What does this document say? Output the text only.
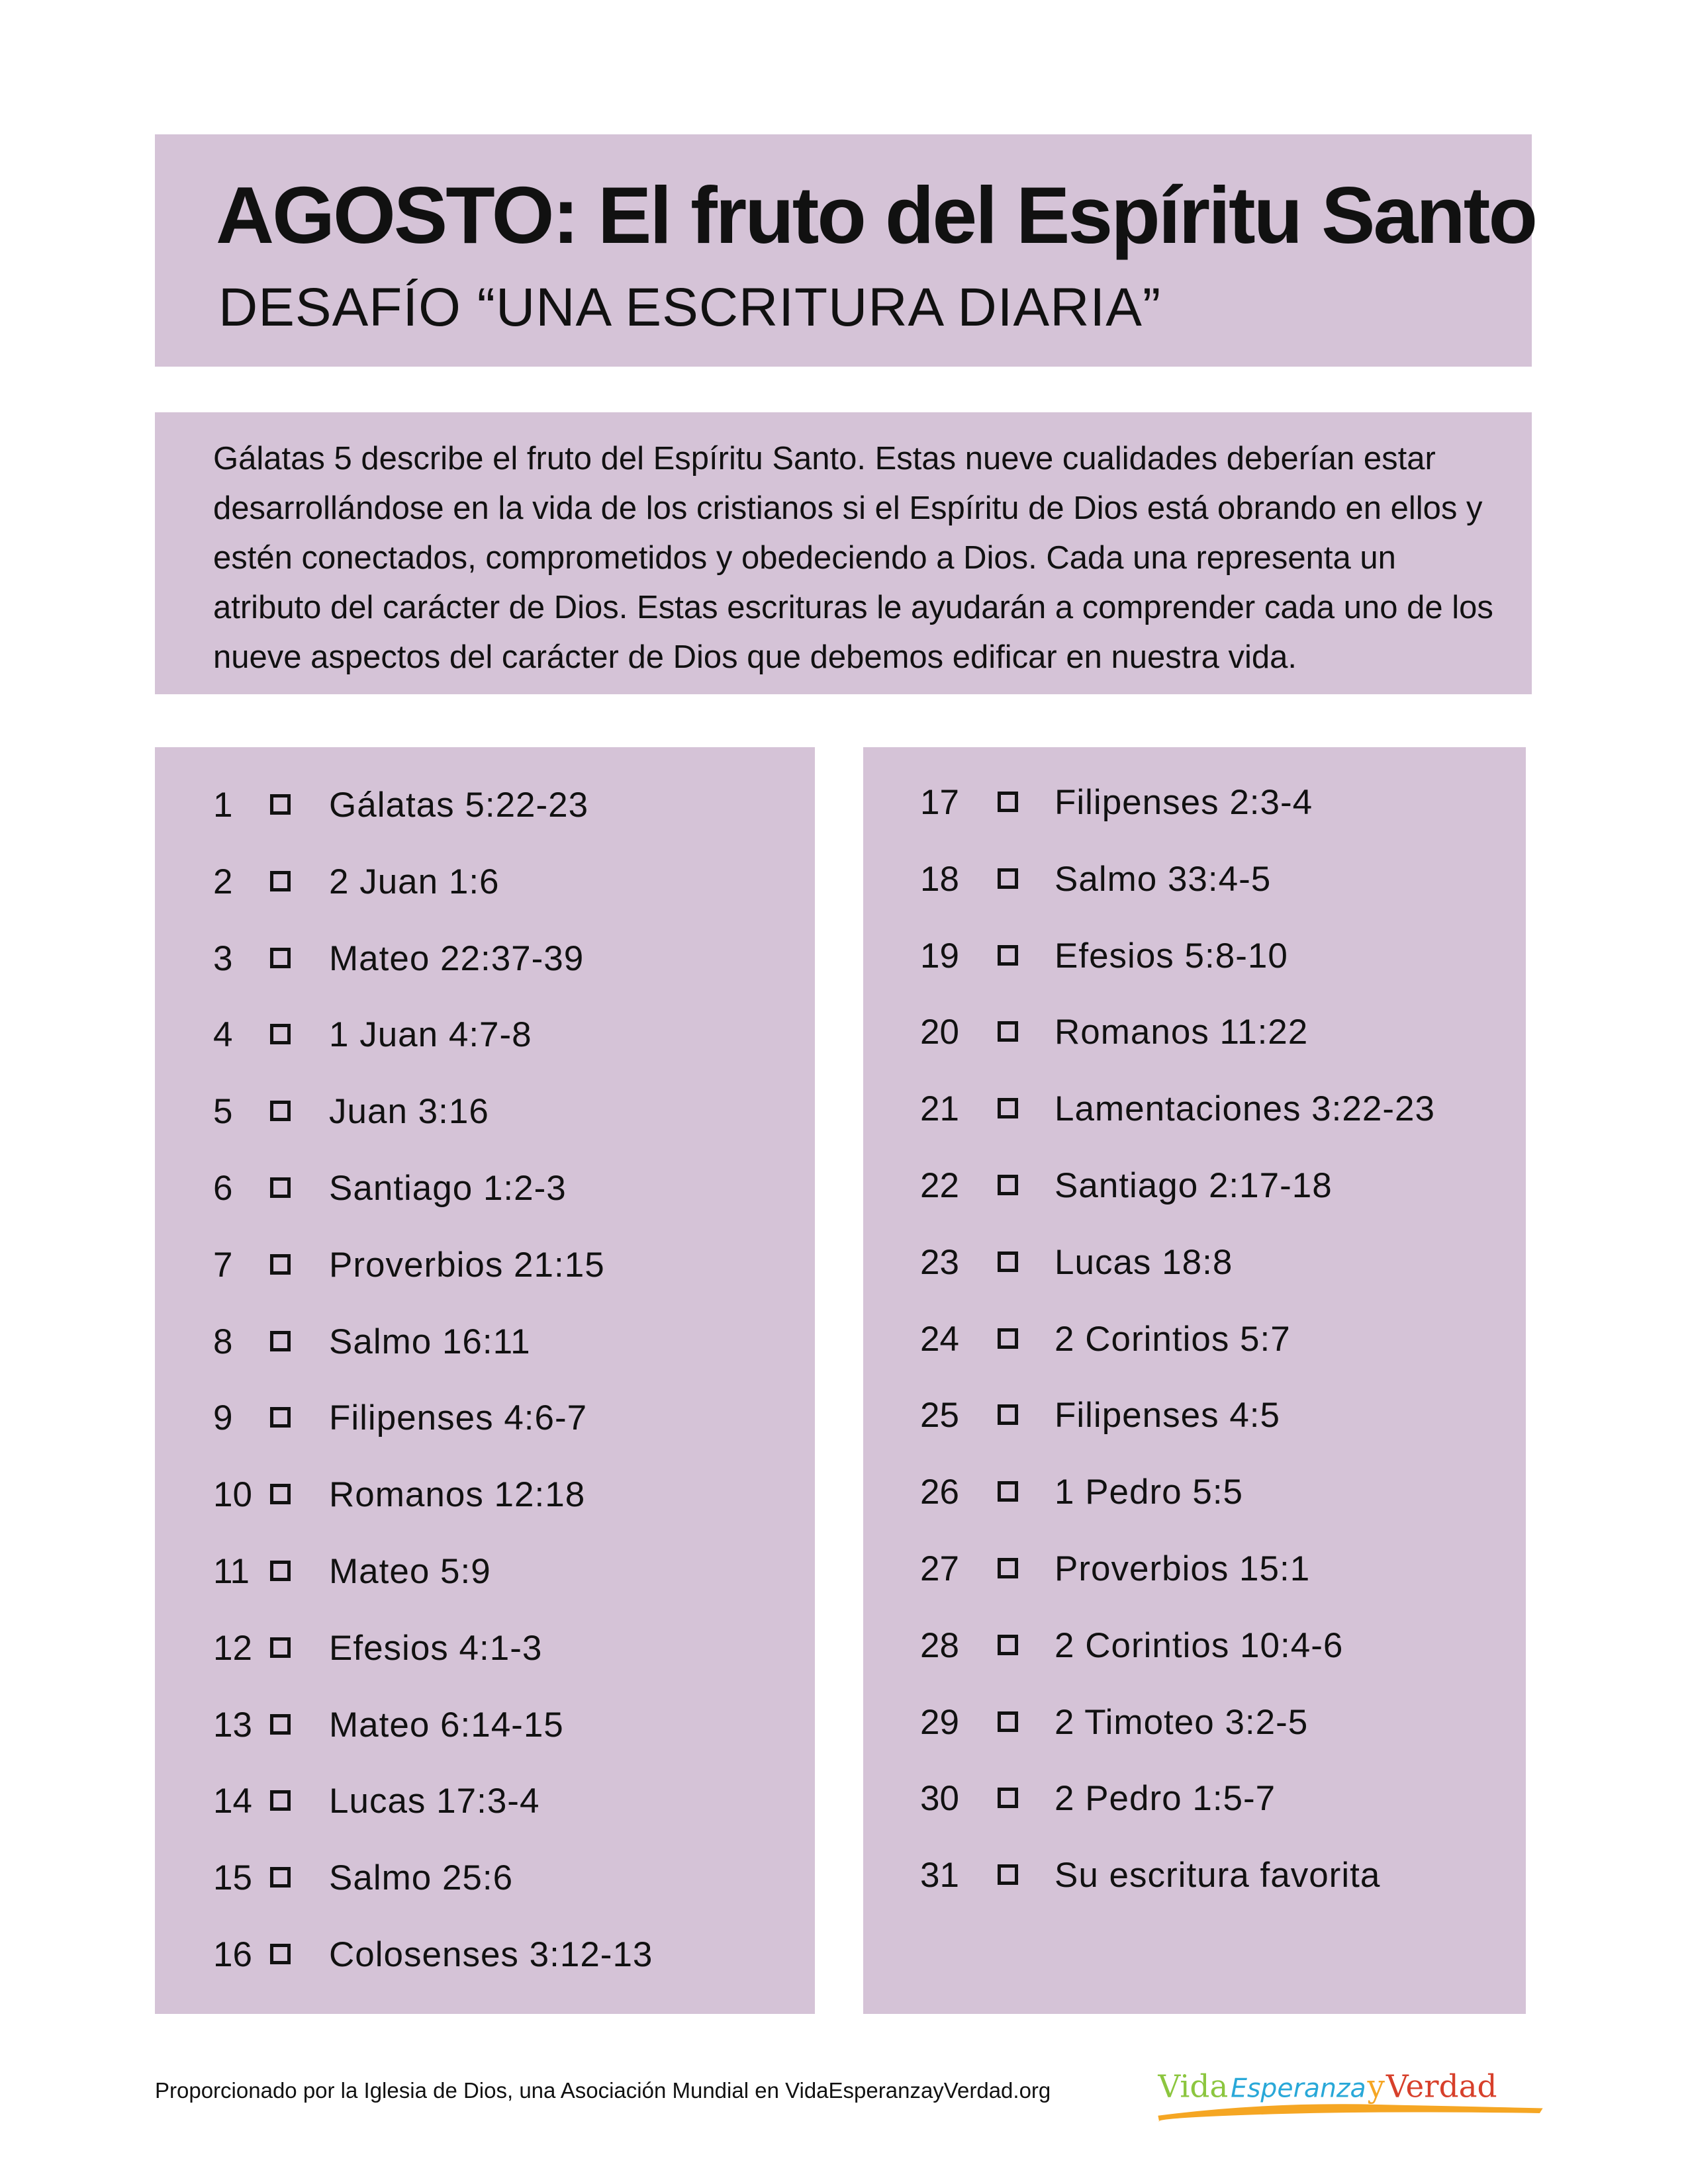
AGOSTO: El fruto del Espíritu Santo
DESAFÍO “UNA ESCRITURA DIARIA”
Gálatas 5 describe el fruto del Espíritu Santo. Estas nueve cualidades deberían estar desarrollándose en la vida de los cristianos si el Espíritu de Dios está obrando en ellos y estén conectados, comprometidos y obedeciendo a Dios. Cada una representa un atributo del carácter de Dios. Estas escrituras le ayudarán a comprender cada uno de los nueve aspectos del carácter de Dios que debemos edificar en nuestra vida.
Proporcionado por la Iglesia de Dios, una Asociación Mundial en VidaEsperanzayVerdad.org	VidaEsperanzayVerdad
1	Gálatas 5:22-23
2	2 Juan 1:6
3	Mateo 22:37-39
4	1 Juan 4:7-8
5	Juan 3:16
6	Santiago 1:2-3
7	Proverbios 21:15
8	Salmo 16:11
9	Filipenses 4:6-7
10 Romanos 12:18
11 Mateo 5:9
12 Efesios 4:1-3
13 Mateo 6:14-15
14 Lucas 17:3-4
15 Salmo 25:6
16 Colosenses 3:12-13
17	Filipenses 2:3-4
18	Salmo 33:4-5
19	Efesios 5:8-10
20	Romanos 11:22
21	Lamentaciones 3:22-23
22	Santiago 2:17-18
23	Lucas 18:8
24	2 Corintios 5:7
25	Filipenses 4:5
26	1 Pedro 5:5
27	Proverbios 15:1
28	2 Corintios 10:4-6
29	2 Timoteo 3:2-5
30	2 Pedro 1:5-7
31	Su escritura favorita
